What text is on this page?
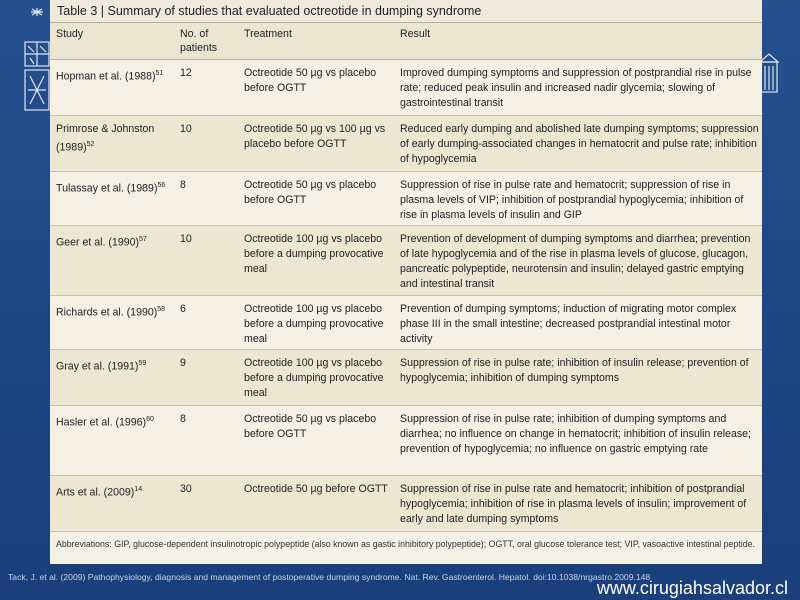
Table 3 | Summary of studies that evaluated octreotide in dumping syndrome
Study	No. of patients	Treatment	Result
Hopman et al. $(1988)^{51}$	12	Octreotide 50 µg vs placebo before OGTT	Improved dumping symptoms and suppression of postprandial rise in pulse rate; reduced peak insulin and increased nadir glycemia; slowing of gastrointestinal transit
Primrose & Johnston $(1989)^{52}$	10	Octreotide 50 µg vs 100 µg vs placebo before OGTT	Reduced early dumping and abolished late dumping symptoms; suppression of early dumping-associated changes in hematocrit and pulse rate; inhibition of hypoglycemia
Tulassay et al. $(1989)^{56}$	8	Octreotide 50 µg vs placebo before OGTT	Suppression of rise in pulse rate and hematocrit; suppression of rise in plasma levels of VIP; inhibition of postprandial hypoglycemia; inhibition of rise in plasma levels of insulin and GIP
Geer et al. $(1990)^{57}$	10	Octreotide 100 µg vs placebo before a dumping provocative meal	Prevention of development of dumping symptoms and diarrhea; prevention of late hypoglycemia and of the rise in plasma levels of glucose, glucagon, pancreatic polypeptide, neurotensin and insulin; delayed gastric emptying and intestinal transit
Richards et al. $(1990)^{58}$	6	Octreotide 100 µg vs placebo before a dumping provocative meal	Prevention of dumping symptoms; induction of migrating motor complex phase III in the small intestine; decreased postprandial intestinal motor activity
Gray et al. $(1991)^{59}$	9	Octreotide 100 µg vs placebo before a dumping provocative meal	Suppression of rise in pulse rate; inhibition of insulin release; prevention of hypoglycemia; inhibition of dumping symptoms
Hasler et al. $(1996)^{60}$	8	Octreotide 50 µg vs placebo before OGTT	Suppression of rise in pulse rate; inhibition of dumping symptoms and diarrhea; no influence on change in hematocrit; inhibition of insulin release; prevention of hypoglycemia; no influence on gastric emptying rate
Arts et al. $(2009)^{14}$	30	Octreotide 50 µg before OGTT	Suppression of rise in pulse rate and hematocrit; inhibition of postprandial hypoglycemia; inhibition of rise in plasma levels of insulin; improvement of early and late dumping symptoms
Abbreviations: GIP, glucose-dependent insulinotropic polypeptide (also known as gastic inhibitory polypeptide); OGTT, oral glucose tolerance test; VIP, vasoactive intestinal peptide.
Tack, J. et al. (2009) Pathophysiology, diagnosis and management of postoperative dumping syndrome. Nat. Rev. Gastroenterol. Hepatol. doi:10.1038/nrgastro.2009.148
www.cirugiahsalvador.cl
